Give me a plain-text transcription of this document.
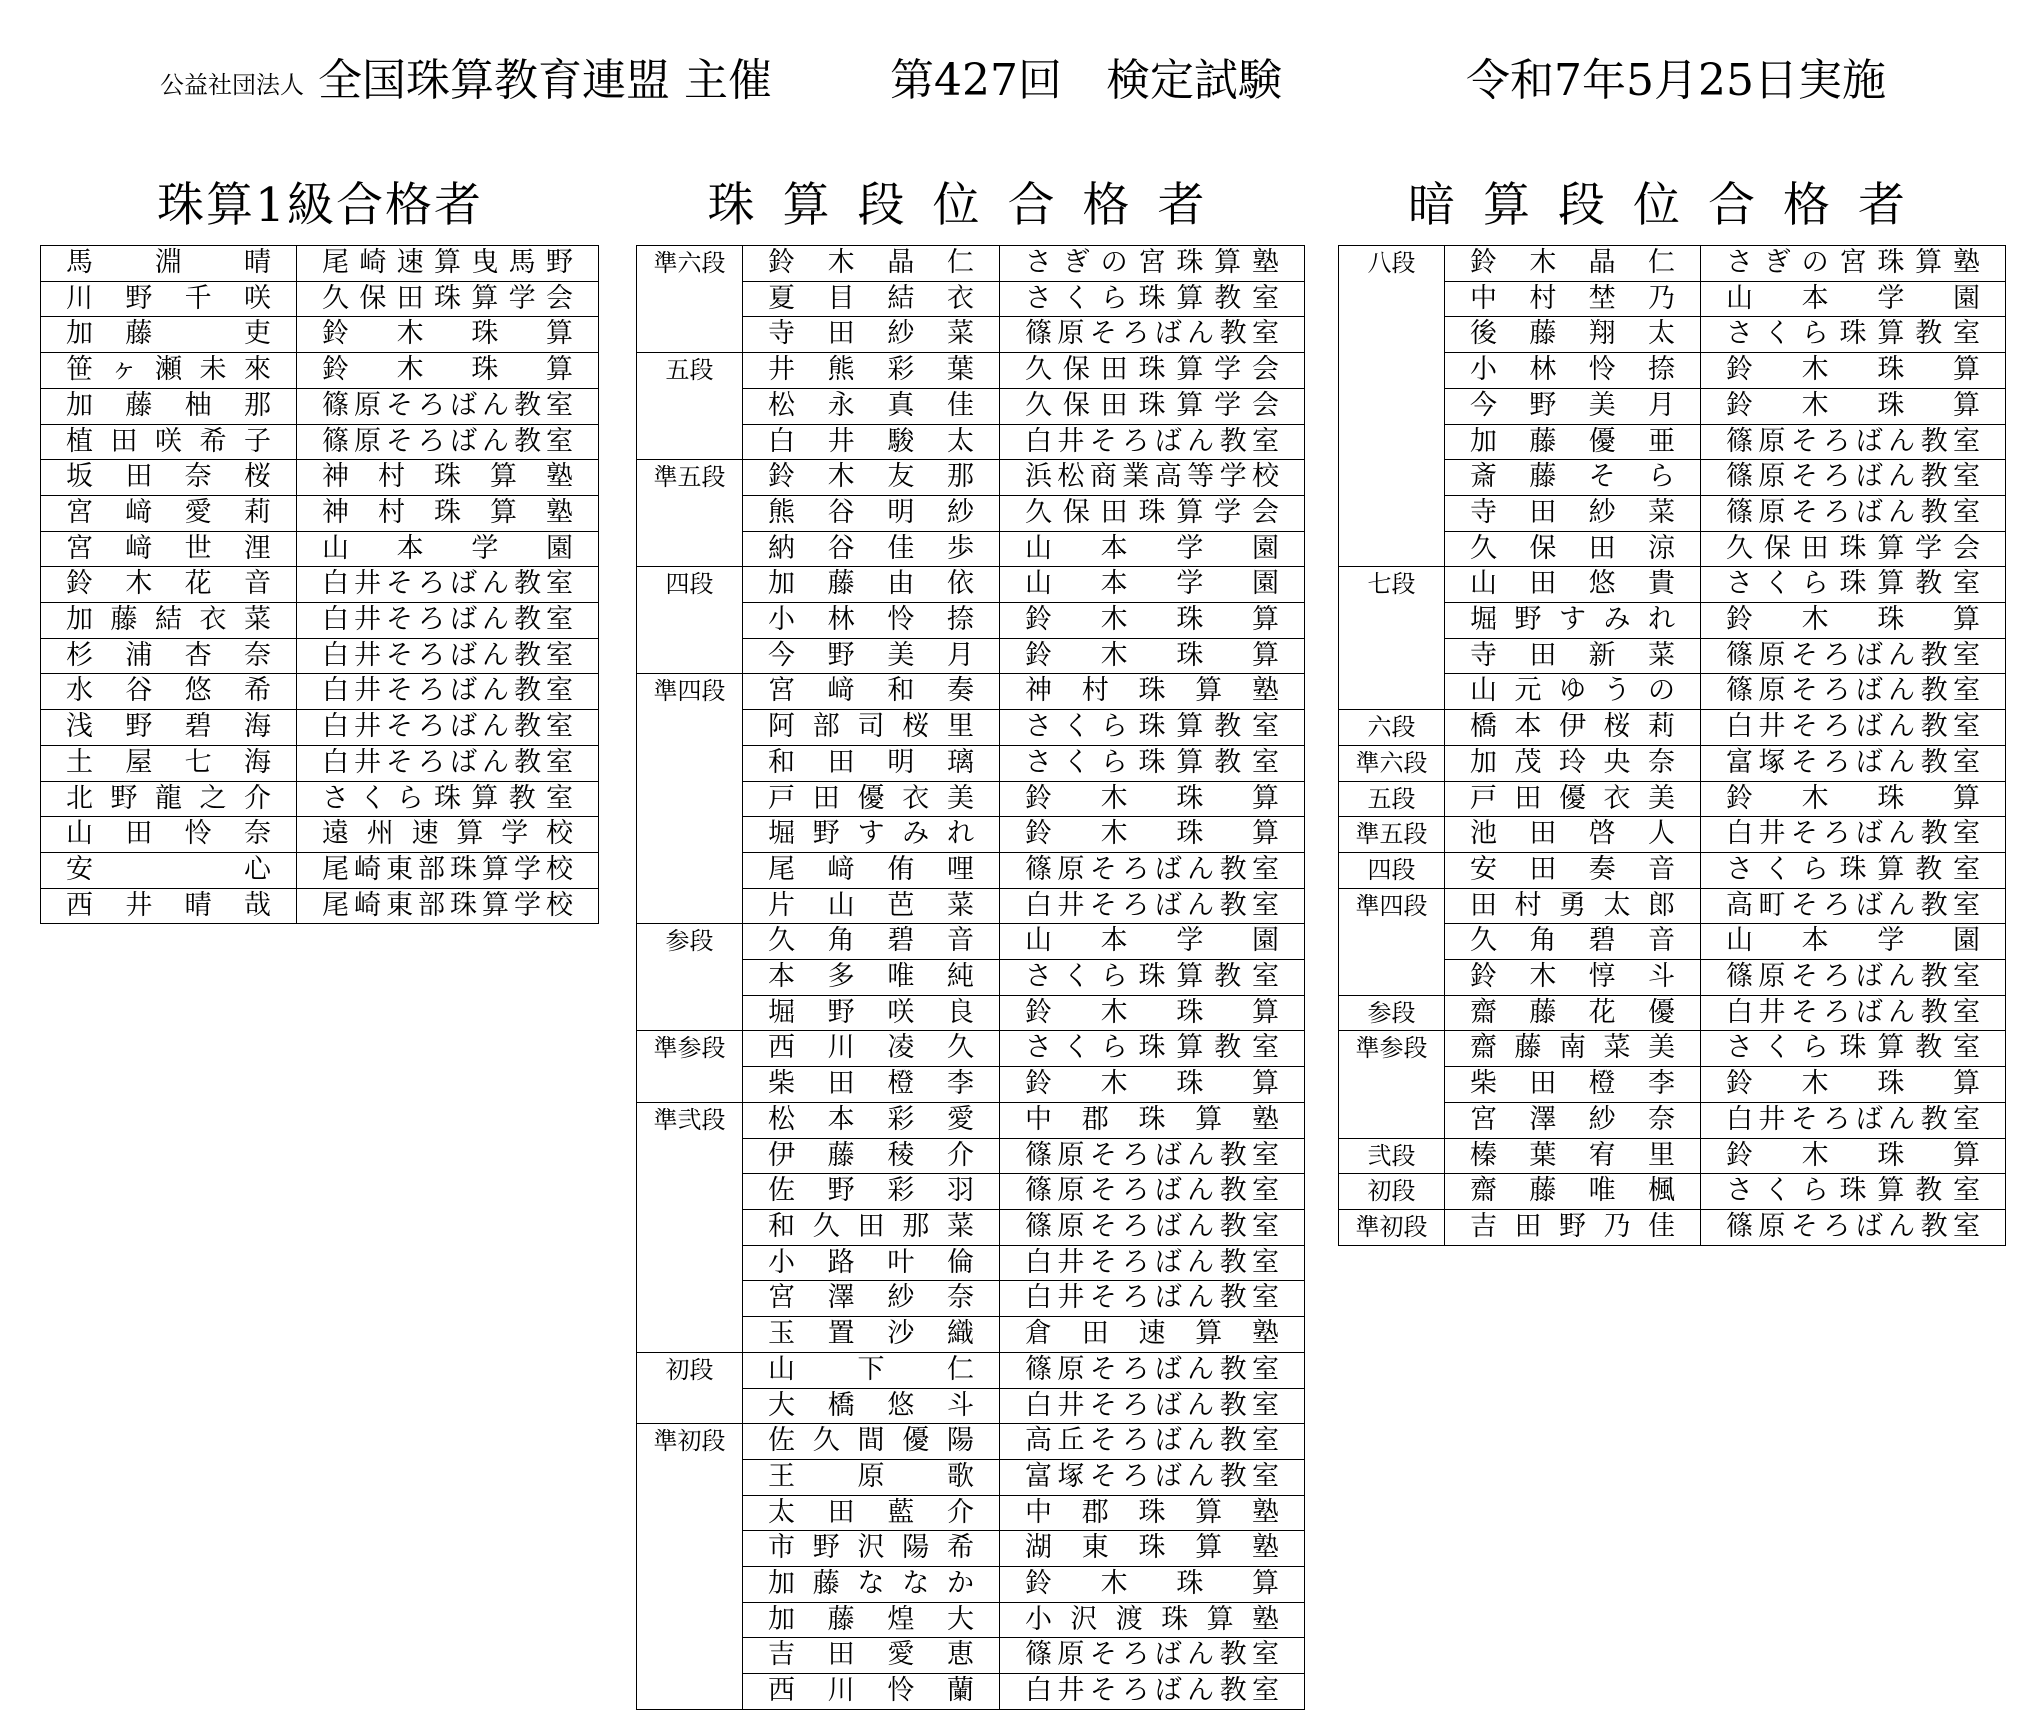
公益社団法人 全国珠算教育連盟 主催	第427回　検定試験	令和7年5月25日実施
珠算1級合格者	珠算段位合格者	暗算段位合格者
馬　淵　晴	尾崎速算曳馬野
川野千咲	久保田珠算学会
加藤　吏	鈴木珠算
笹ヶ瀬未來	鈴木珠算
加藤柚那	篠原そろばん教室
植田咲希子	篠原そろばん教室
坂田奈桜	神村珠算塾
宮﨑愛莉	神村珠算塾
宮﨑世浬	山本学園
鈴木花音	白井そろばん教室
加藤結衣菜	白井そろばん教室
杉浦杏奈	白井そろばん教室
水谷悠希	白井そろばん教室
浅野碧海	白井そろばん教室
土屋七海	白井そろばん教室
北野龍之介	さくら珠算教室
山田怜奈	遠州速算学校
安心	尾崎東部珠算学校
西井晴哉	尾崎東部珠算学校
準六段	鈴木晶仁	さぎの宮珠算塾
	夏目結衣	さくら珠算教室
	寺田紗菜	篠原そろばん教室
五段	井熊彩葉	久保田珠算学会
	松永真佳	久保田珠算学会
	白井駿太	白井そろばん教室
準五段	鈴木友那	浜松商業高等学校
	熊谷明紗	久保田珠算学会
	納谷佳歩	山本学園
四段	加藤由依	山本学園
	小林怜捺	鈴木珠算
	今野美月	鈴木珠算
準四段	宮﨑和奏	神村珠算塾
	阿部司桜里	さくら珠算教室
	和田明璃	さくら珠算教室
	戸田優衣美	鈴木珠算
	堀野すみれ	鈴木珠算
	尾﨑侑哩	篠原そろばん教室
	片山芭菜	白井そろばん教室
参段	久角碧音	山本学園
	本多唯純	さくら珠算教室
	堀野咲良	鈴木珠算
準参段	西川凌久	さくら珠算教室
	柴田橙李	鈴木珠算
準弐段	松本彩愛	中郡珠算塾
	伊藤稜介	篠原そろばん教室
	佐野彩羽	篠原そろばん教室
	和久田那菜	篠原そろばん教室
	小路叶倫	白井そろばん教室
	宮澤紗奈	白井そろばん教室
	玉置沙織	倉田速算塾
初段	山　下　仁	篠原そろばん教室
	大橋悠斗	白井そろばん教室
準初段	佐久間優陽	高丘そろばん教室
	王　原　歌	富塚そろばん教室
	太田藍介	中郡珠算塾
	市野沢陽希	湖東珠算塾
	加藤ななか	鈴木珠算
	加藤煌大	小沢渡珠算塾
	吉田愛恵	篠原そろばん教室
	西川怜蘭	白井そろばん教室
八段	鈴木晶仁	さぎの宮珠算塾
	中村埜乃	山本学園
	後藤翔太	さくら珠算教室
	小林怜捺	鈴木珠算
	今野美月	鈴木珠算
	加藤優亜	篠原そろばん教室
	斎藤そら	篠原そろばん教室
	寺田紗菜	篠原そろばん教室
	久保田涼	久保田珠算学会
七段	山田悠貴	さくら珠算教室
	堀野すみれ	鈴木珠算
	寺田新菜	篠原そろばん教室
	山元ゆうの	篠原そろばん教室
六段	橋本伊桜莉	白井そろばん教室
準六段	加茂玲央奈	富塚そろばん教室
五段	戸田優衣美	鈴木珠算
準五段	池田啓人	白井そろばん教室
四段	安田奏音	さくら珠算教室
準四段	田村勇太郎	高町そろばん教室
	久角碧音	山本学園
	鈴木惇斗	篠原そろばん教室
参段	齋藤花優	白井そろばん教室
準参段	齋藤南菜美	さくら珠算教室
	柴田橙李	鈴木珠算
	宮澤紗奈	白井そろばん教室
弐段	榛葉宥里	鈴木珠算
初段	齋藤唯楓	さくら珠算教室
準初段	吉田野乃佳	篠原そろばん教室
